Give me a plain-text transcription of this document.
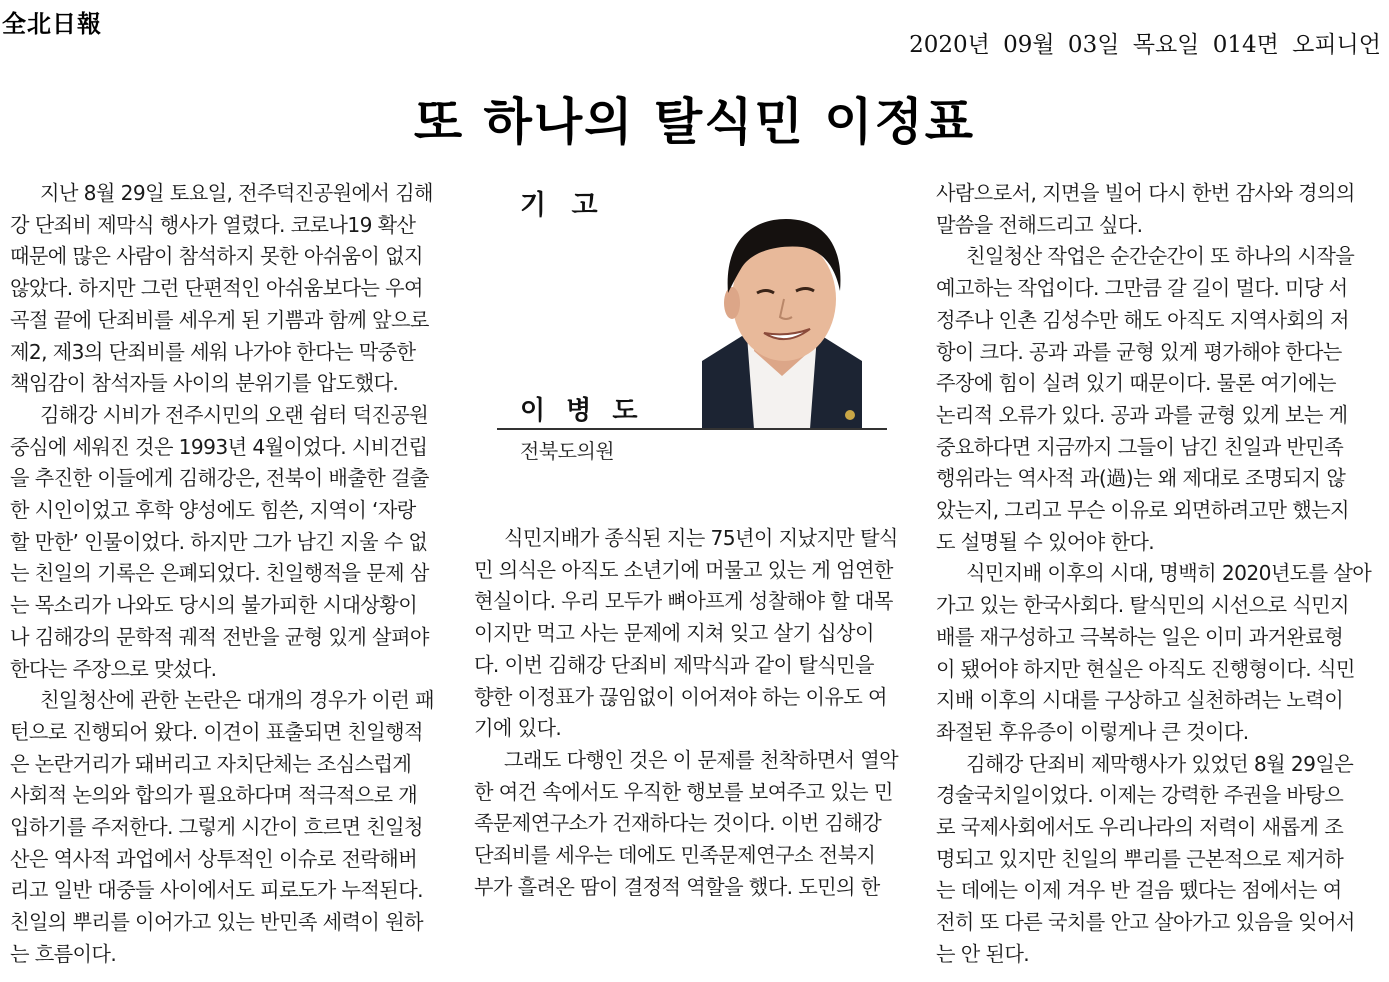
全北日報
2020년 09월 03일 목요일 014면 오피니언
또 하나의 탈식민 이정표
기 고
이 병 도
전북도의원

지난 8월 29일 토요일, 전주덕진공원에서 김해

강 단죄비 제막식 행사가 열렸다. 코로나19 확산

때문에 많은 사람이 참석하지 못한 아쉬움이 없지

않았다. 하지만 그런 단편적인 아쉬움보다는 우여

곡절 끝에 단죄비를 세우게 된 기쁨과 함께 앞으로

제2, 제3의 단죄비를 세워 나가야 한다는 막중한

책임감이 참석자들 사이의 분위기를 압도했다.

김해강 시비가 전주시민의 오랜 쉼터 덕진공원

중심에 세워진 것은 1993년 4월이었다. 시비건립

을 추진한 이들에게 김해강은, 전북이 배출한 걸출

한 시인이었고 후학 양성에도 힘쓴, 지역이 ‘자랑

할 만한’ 인물이었다. 하지만 그가 남긴 지울 수 없

는 친일의 기록은 은폐되었다. 친일행적을 문제 삼

는 목소리가 나와도 당시의 불가피한 시대상황이

나 김해강의 문학적 궤적 전반을 균형 있게 살펴야

한다는 주장으로 맞섰다.

친일청산에 관한 논란은 대개의 경우가 이런 패

턴으로 진행되어 왔다. 이견이 표출되면 친일행적

은 논란거리가 돼버리고 자치단체는 조심스럽게

사회적 논의와 합의가 필요하다며 적극적으로 개

입하기를 주저한다. 그렇게 시간이 흐르면 친일청

산은 역사적 과업에서 상투적인 이슈로 전락해버

리고 일반 대중들 사이에서도 피로도가 누적된다.

친일의 뿌리를 이어가고 있는 반민족 세력이 원하

는 흐름이다.

식민지배가 종식된 지는 75년이 지났지만 탈식

민 의식은 아직도 소년기에 머물고 있는 게 엄연한

현실이다. 우리 모두가 뼈아프게 성찰해야 할 대목

이지만 먹고 사는 문제에 지쳐 잊고 살기 십상이

다. 이번 김해강 단죄비 제막식과 같이 탈식민을

향한 이정표가 끊임없이 이어져야 하는 이유도 여

기에 있다.

그래도 다행인 것은 이 문제를 천착하면서 열악

한 여건 속에서도 우직한 행보를 보여주고 있는 민

족문제연구소가 건재하다는 것이다. 이번 김해강

단죄비를 세우는 데에도 민족문제연구소 전북지

부가 흘려온 땀이 결정적 역할을 했다. 도민의 한

사람으로서, 지면을 빌어 다시 한번 감사와 경의의

말씀을 전해드리고 싶다.

친일청산 작업은 순간순간이 또 하나의 시작을

예고하는 작업이다. 그만큼 갈 길이 멀다. 미당 서

정주나 인촌 김성수만 해도 아직도 지역사회의 저

항이 크다. 공과 과를 균형 있게 평가해야 한다는

주장에 힘이 실려 있기 때문이다. 물론 여기에는

논리적 오류가 있다. 공과 과를 균형 있게 보는 게

중요하다면 지금까지 그들이 남긴 친일과 반민족

행위라는 역사적 과(過)는 왜 제대로 조명되지 않

았는지, 그리고 무슨 이유로 외면하려고만 했는지

도 설명될 수 있어야 한다.

식민지배 이후의 시대, 명백히 2020년도를 살아

가고 있는 한국사회다. 탈식민의 시선으로 식민지

배를 재구성하고 극복하는 일은 이미 과거완료형

이 됐어야 하지만 현실은 아직도 진행형이다. 식민

지배 이후의 시대를 구상하고 실천하려는 노력이

좌절된 후유증이 이렇게나 큰 것이다.

김해강 단죄비 제막행사가 있었던 8월 29일은

경술국치일이었다. 이제는 강력한 주권을 바탕으

로 국제사회에서도 우리나라의 저력이 새롭게 조

명되고 있지만 친일의 뿌리를 근본적으로 제거하

는 데에는 이제 겨우 반 걸음 뗐다는 점에서는 여

전히 또 다른 국치를 안고 살아가고 있음을 잊어서

는 안 된다.
